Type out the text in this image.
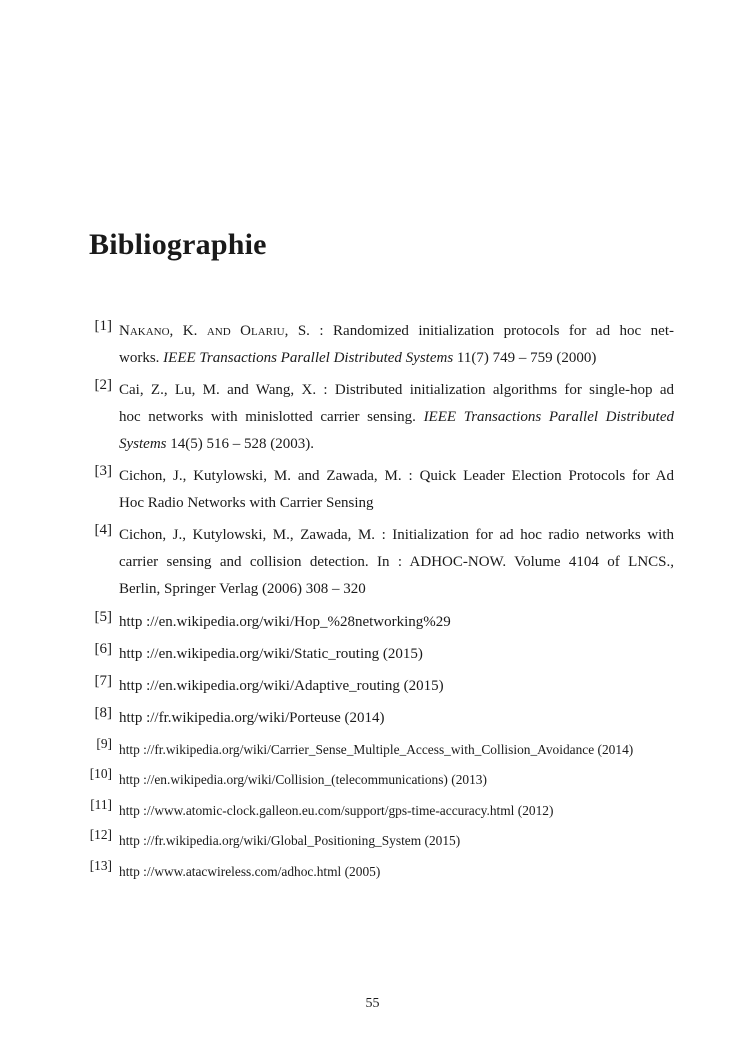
Bibliographie
[1] Nakano, K. and Olariu, S. : Randomized initialization protocols for ad hoc net-
works. IEEE Transactions Parallel Distributed Systems 11(7) 749 – 759 (2000)
[2] Cai, Z., Lu, M. and Wang, X. : Distributed initialization algorithms for single-hop ad
hoc networks with minislotted carrier sensing. IEEE Transactions Parallel Distributed
Systems 14(5) 516 – 528 (2003).
[3] Cichon, J., Kutylowski, M. and Zawada, M. : Quick Leader Election Protocols for Ad
Hoc Radio Networks with Carrier Sensing
[4] Cichon, J., Kutylowski, M., Zawada, M. : Initialization for ad hoc radio networks with
carrier sensing and collision detection. In : ADHOC-NOW. Volume 4104 of LNCS.,
Berlin, Springer Verlag (2006) 308 – 320
[5] http ://en.wikipedia.org/wiki/Hop_%28networking%29
[6] http ://en.wikipedia.org/wiki/Static_routing (2015)
[7] http ://en.wikipedia.org/wiki/Adaptive_routing (2015)
[8] http ://fr.wikipedia.org/wiki/Porteuse (2014)
[9] http ://fr.wikipedia.org/wiki/Carrier_Sense_Multiple_Access_with_Collision_Avoidance (2014)
[10] http ://en.wikipedia.org/wiki/Collision_(telecommunications) (2013)
[11] http ://www.atomic-clock.galleon.eu.com/support/gps-time-accuracy.html (2012)
[12] http ://fr.wikipedia.org/wiki/Global_Positioning_System (2015)
[13] http ://www.atacwireless.com/adhoc.html (2005)
55
